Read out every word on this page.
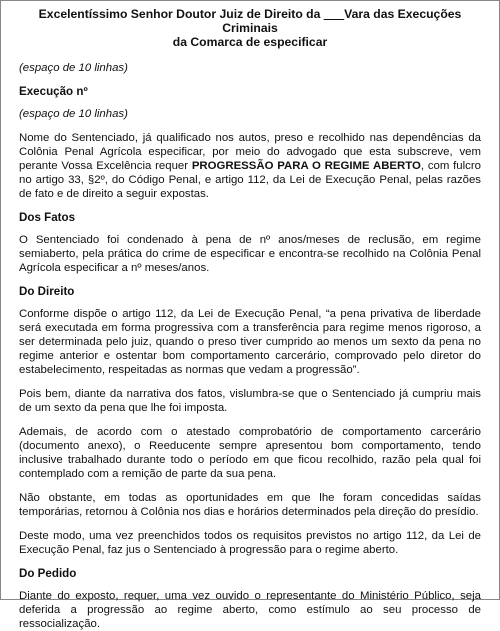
Excelentíssimo Senhor Doutor Juiz de Direito da ___Vara das Execuções Criminais
da Comarca de especificar
(espaço de 10 linhas)
Execução nº
(espaço de 10 linhas)
Nome do Sentenciado, já qualificado nos autos, preso e recolhido nas dependências da Colônia Penal Agrícola especificar, por meio do advogado que esta subscreve, vem perante Vossa Excelência requer PROGRESSÃO PARA O REGIME ABERTO, com fulcro no artigo 33, §2º, do Código Penal, e artigo 112, da Lei de Execução Penal, pelas razões de fato e de direito a seguir expostas.
Dos Fatos
O Sentenciado foi condenado à pena de nº anos/meses de reclusão, em regime semiaberto, pela prática do crime de especificar e encontra-se recolhido na Colônia Penal Agrícola especificar a nº meses/anos.
Do Direito
Conforme dispõe o artigo 112, da Lei de Execução Penal, “a pena privativa de liberdade será executada em forma progressiva com a transferência para regime menos rigoroso, a ser determinada pelo juiz, quando o preso tiver cumprido ao menos um sexto da pena no regime anterior e ostentar bom comportamento carcerário, comprovado pelo diretor do estabelecimento, respeitadas as normas que vedam a progressão”.
Pois bem, diante da narrativa dos fatos, vislumbra-se que o Sentenciado já cumpriu mais de um sexto da pena que lhe foi imposta.
Ademais, de acordo com o atestado comprobatório de comportamento carcerário (documento anexo), o Reeducente sempre apresentou bom comportamento, tendo inclusive trabalhado durante todo o período em que ficou recolhido, razão pela qual foi contemplado com a remição de parte da sua pena.
Não obstante, em todas as oportunidades em que lhe foram concedidas saídas temporárias, retornou à Colônia nos dias e horários determinados pela direção do presídio.
Deste modo, uma vez preenchidos todos os requisitos previstos no artigo 112, da Lei de Execução Penal, faz jus o Sentenciado à progressão para o regime aberto.
Do Pedido
Diante do exposto, requer, uma vez ouvido o representante do Ministério Público, seja deferida a progressão ao regime aberto, como estímulo ao seu processo de ressocialização.
